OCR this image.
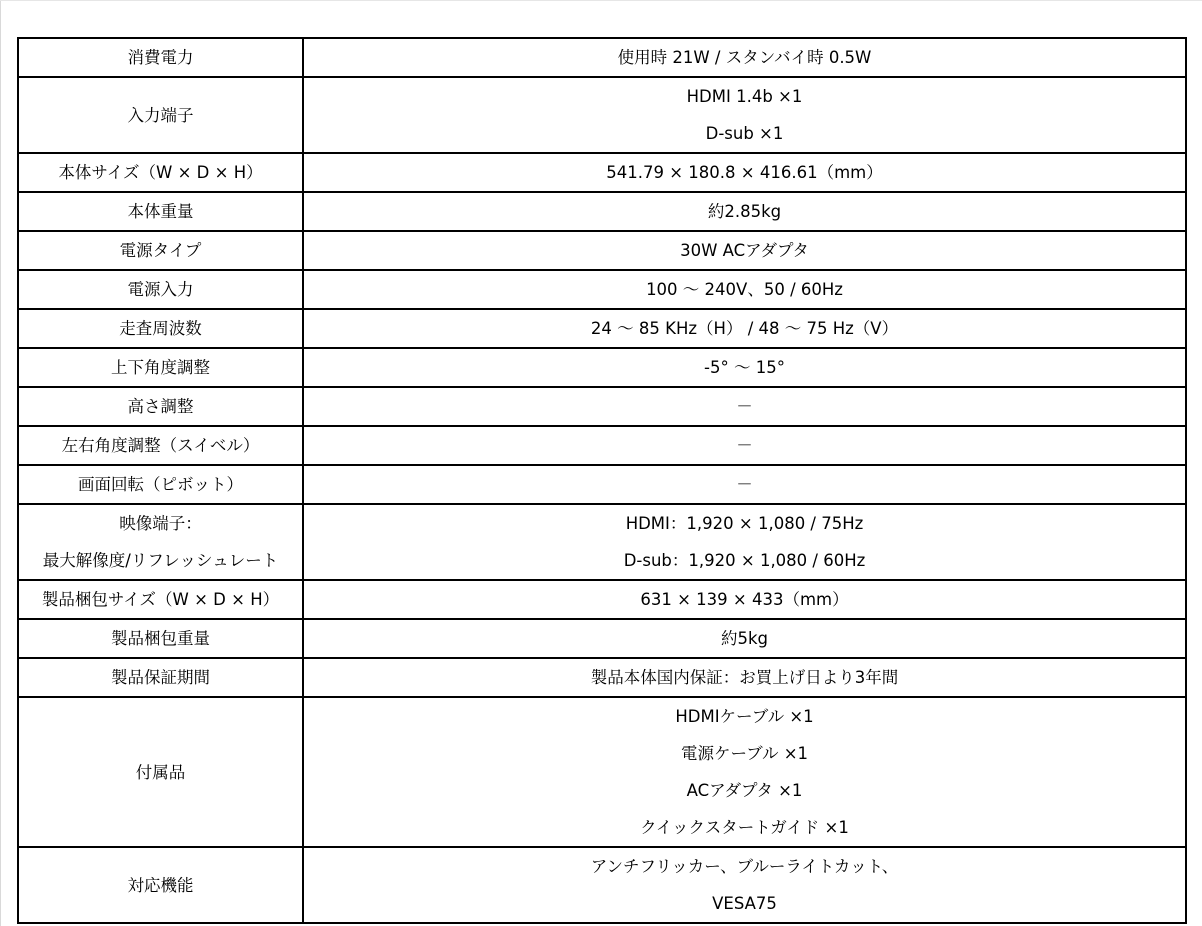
消費電力	使用時 21W / スタンバイ時 0.5W

入力端子	HDMI 1.4b ×1
D-sub ×1

本体サイズ（W × D × H）	541.79 × 180.8 × 416.61（mm）

本体重量	約2.85kg

電源タイプ	30W ACアダプタ

電源入力	100 ～ 240V、50 / 60Hz

走査周波数	24 ～ 85 KHz（H） / 48 ～ 75 Hz（V）

上下角度調整	-5° ～ 15°

高さ調整	－

左右角度調整（スイベル）	－

画面回転（ピボット）	－

映像端子：
最大解像度/リフレッシュレート	HDMI：1,920 × 1,080 / 75Hz
D-sub：1,920 × 1,080 / 60Hz

製品梱包サイズ（W × D × H）	631 × 139 × 433（mm）

製品梱包重量	約5kg

製品保証期間	製品本体国内保証：お買上げ日より3年間

付属品	HDMIケーブル ×1
電源ケーブル ×1
ACアダプタ ×1
クイックスタートガイド ×1

対応機能	アンチフリッカー、ブルーライトカット、
VESA75
